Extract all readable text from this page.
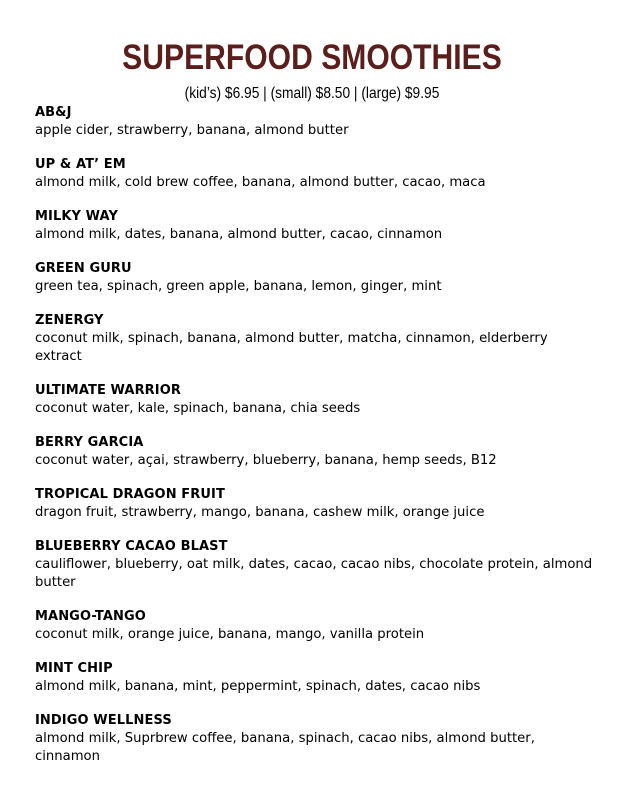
SUPERFOOD SMOOTHIES
(kid’s) $6.95 | (small) $8.50 | (large) $9.95
AB&J
apple cider, strawberry, banana, almond butter
UP & AT’ EM
almond milk, cold brew coffee, banana, almond butter, cacao, maca
MILKY WAY
almond milk, dates, banana, almond butter, cacao, cinnamon
GREEN GURU
green tea, spinach, green apple, banana, lemon, ginger, mint
ZENERGY
coconut milk, spinach, banana, almond butter, matcha, cinnamon, elderberry extract
ULTIMATE WARRIOR
coconut water, kale, spinach, banana, chia seeds
BERRY GARCIA
coconut water, açai, strawberry, blueberry, banana, hemp seeds, B12
TROPICAL DRAGON FRUIT
dragon fruit, strawberry, mango, banana, cashew milk, orange juice
BLUEBERRY CACAO BLAST
cauliflower, blueberry, oat milk, dates, cacao, cacao nibs, chocolate protein, almond butter
MANGO-TANGO
coconut milk, orange juice, banana, mango, vanilla protein
MINT CHIP
almond milk, banana, mint, peppermint, spinach, dates, cacao nibs
INDIGO WELLNESS
almond milk, Suprbrew coffee, banana, spinach, cacao nibs, almond butter, cinnamon
